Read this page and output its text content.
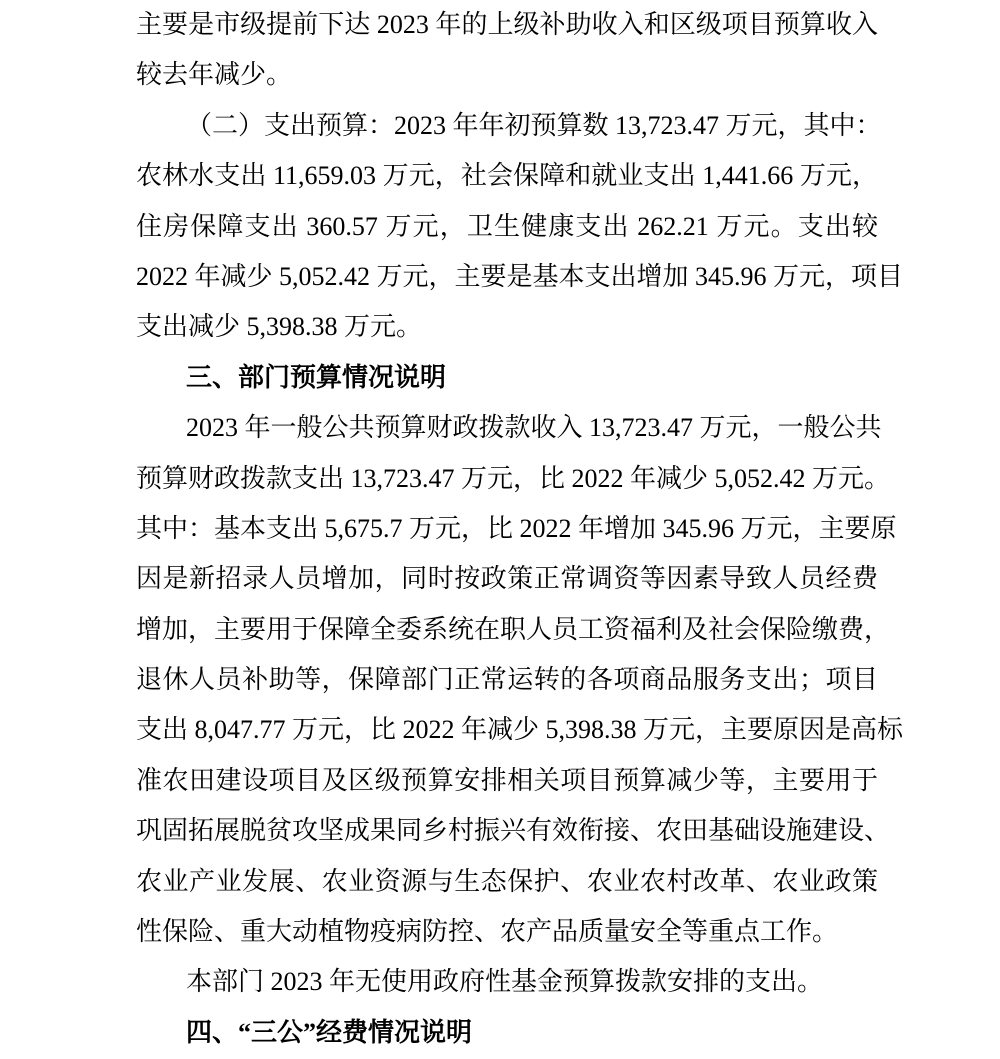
主要是市级提前下达 2023 年的上级补助收入和区级项目预算收入
较去年减少。
（二）支出预算：2023 年年初预算数 13,723.47 万元，其中：
农林水支出 11,659.03 万元，社会保障和就业支出 1,441.66 万元，
住房保障支出 360.57 万元，卫生健康支出 262.21 万元。支出较
2022 年减少 5,052.42 万元，主要是基本支出增加 345.96 万元，项目
支出减少 5,398.38 万元。
三、部门预算情况说明
2023 年一般公共预算财政拨款收入 13,723.47 万元，一般公共
预算财政拨款支出 13,723.47 万元，比 2022 年减少 5,052.42 万元。
其中：基本支出 5,675.7 万元，比 2022 年增加 345.96 万元，主要原
因是新招录人员增加，同时按政策正常调资等因素导致人员经费
增加，主要用于保障全委系统在职人员工资福利及社会保险缴费，
退休人员补助等，保障部门正常运转的各项商品服务支出；项目
支出 8,047.77 万元，比 2022 年减少 5,398.38 万元，主要原因是高标
准农田建设项目及区级预算安排相关项目预算减少等，主要用于
巩固拓展脱贫攻坚成果同乡村振兴有效衔接、农田基础设施建设、
农业产业发展、农业资源与生态保护、农业农村改革、农业政策
性保险、重大动植物疫病防控、农产品质量安全等重点工作。
本部门 2023 年无使用政府性基金预算拨款安排的支出。
四、“三公”经费情况说明
